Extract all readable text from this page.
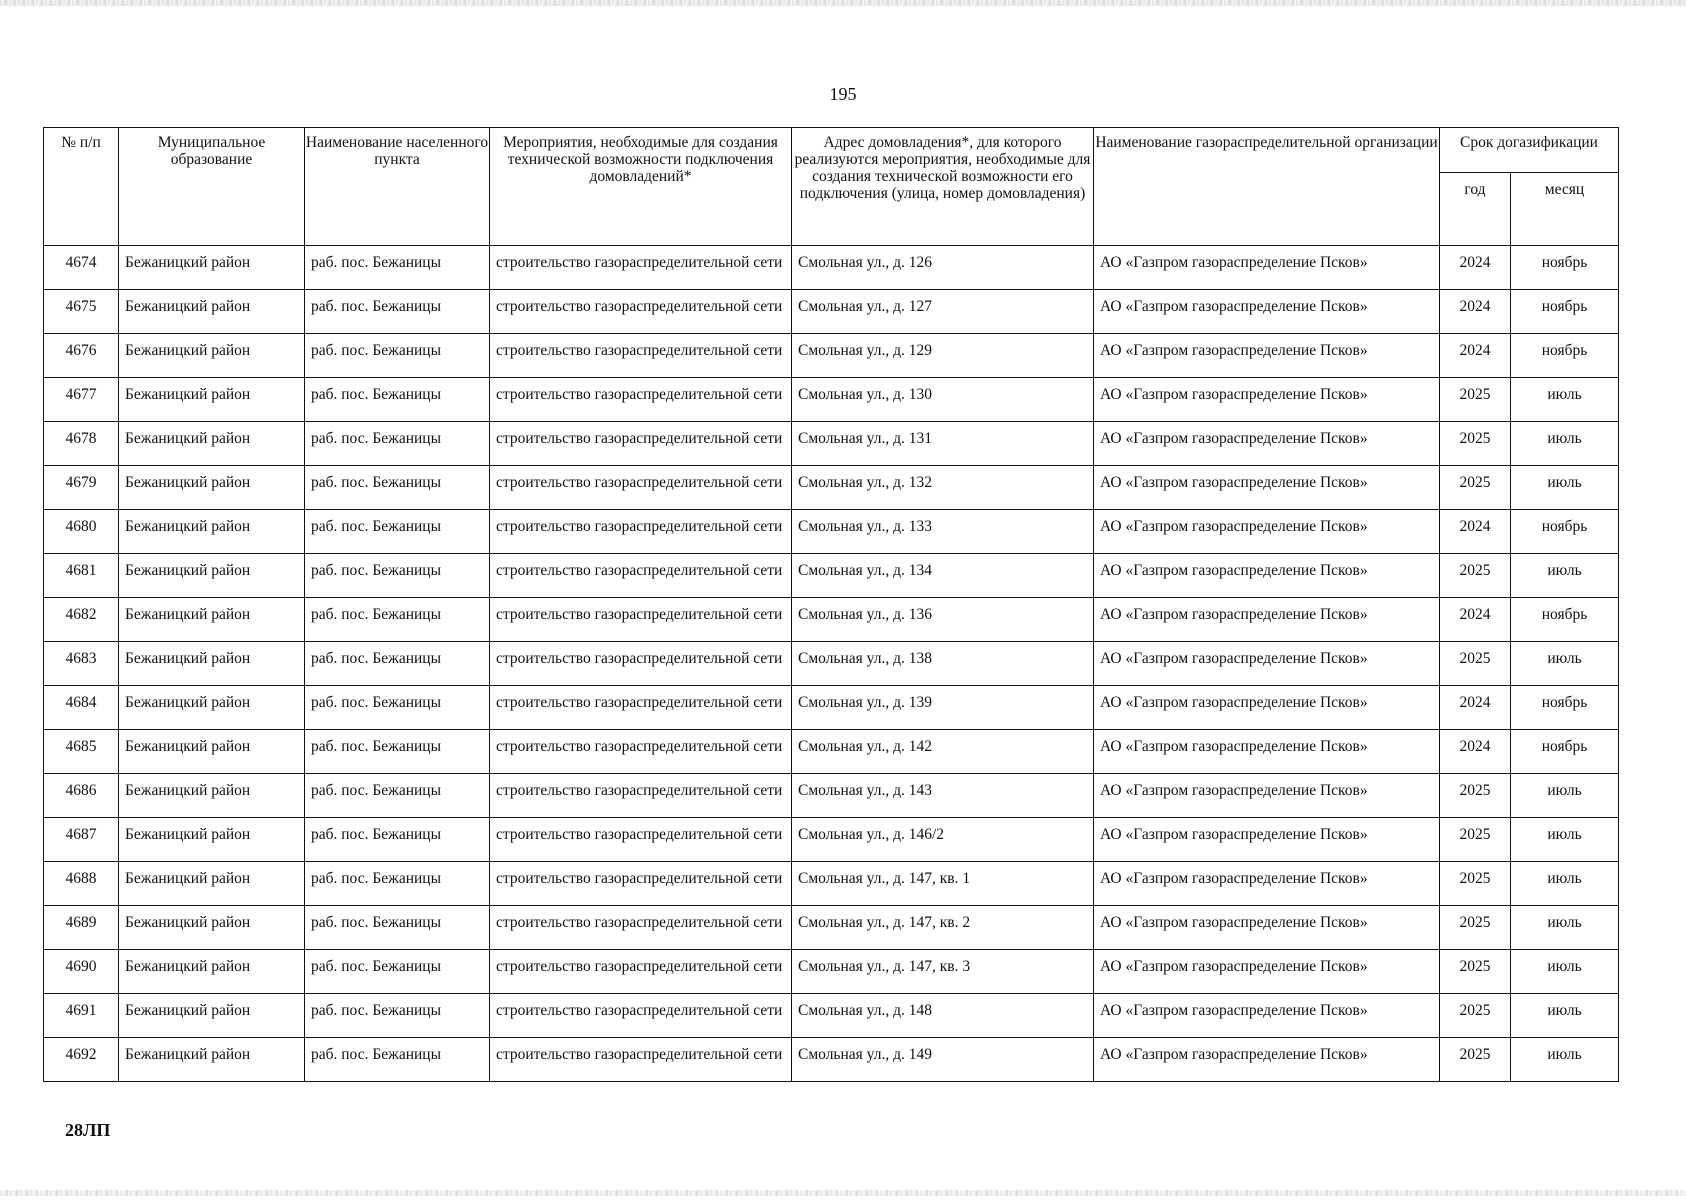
195
№ п/п	Муниципальное образование	Наименование населенного пункта	Мероприятия, необходимые для создания технической возможности подключения домовладений*	Адрес домовладения*, для которого реализуются мероприятия, необходимые для создания технической возможности его подключения (улица, номер домовладения)	Наименование газораспределительной организации	Срок догазификации	
						год	месяц
4674	Бежаницкий район	раб. пос. Бежаницы	строительство газораспределительной сети	Смольная ул., д. 126	АО «Газпром газораспределение Псков»	2024	ноябрь
4675	Бежаницкий район	раб. пос. Бежаницы	строительство газораспределительной сети	Смольная ул., д. 127	АО «Газпром газораспределение Псков»	2024	ноябрь
4676	Бежаницкий район	раб. пос. Бежаницы	строительство газораспределительной сети	Смольная ул., д. 129	АО «Газпром газораспределение Псков»	2024	ноябрь
4677	Бежаницкий район	раб. пос. Бежаницы	строительство газораспределительной сети	Смольная ул., д. 130	АО «Газпром газораспределение Псков»	2025	июль
4678	Бежаницкий район	раб. пос. Бежаницы	строительство газораспределительной сети	Смольная ул., д. 131	АО «Газпром газораспределение Псков»	2025	июль
4679	Бежаницкий район	раб. пос. Бежаницы	строительство газораспределительной сети	Смольная ул., д. 132	АО «Газпром газораспределение Псков»	2025	июль
4680	Бежаницкий район	раб. пос. Бежаницы	строительство газораспределительной сети	Смольная ул., д. 133	АО «Газпром газораспределение Псков»	2024	ноябрь
4681	Бежаницкий район	раб. пос. Бежаницы	строительство газораспределительной сети	Смольная ул., д. 134	АО «Газпром газораспределение Псков»	2025	июль
4682	Бежаницкий район	раб. пос. Бежаницы	строительство газораспределительной сети	Смольная ул., д. 136	АО «Газпром газораспределение Псков»	2024	ноябрь
4683	Бежаницкий район	раб. пос. Бежаницы	строительство газораспределительной сети	Смольная ул., д. 138	АО «Газпром газораспределение Псков»	2025	июль
4684	Бежаницкий район	раб. пос. Бежаницы	строительство газораспределительной сети	Смольная ул., д. 139	АО «Газпром газораспределение Псков»	2024	ноябрь
4685	Бежаницкий район	раб. пос. Бежаницы	строительство газораспределительной сети	Смольная ул., д. 142	АО «Газпром газораспределение Псков»	2024	ноябрь
4686	Бежаницкий район	раб. пос. Бежаницы	строительство газораспределительной сети	Смольная ул., д. 143	АО «Газпром газораспределение Псков»	2025	июль
4687	Бежаницкий район	раб. пос. Бежаницы	строительство газораспределительной сети	Смольная ул., д. 146/2	АО «Газпром газораспределение Псков»	2025	июль
4688	Бежаницкий район	раб. пос. Бежаницы	строительство газораспределительной сети	Смольная ул., д. 147, кв. 1	АО «Газпром газораспределение Псков»	2025	июль
4689	Бежаницкий район	раб. пос. Бежаницы	строительство газораспределительной сети	Смольная ул., д. 147, кв. 2	АО «Газпром газораспределение Псков»	2025	июль
4690	Бежаницкий район	раб. пос. Бежаницы	строительство газораспределительной сети	Смольная ул., д. 147, кв. 3	АО «Газпром газораспределение Псков»	2025	июль
4691	Бежаницкий район	раб. пос. Бежаницы	строительство газораспределительной сети	Смольная ул., д. 148	АО «Газпром газораспределение Псков»	2025	июль
4692	Бежаницкий район	раб. пос. Бежаницы	строительство газораспределительной сети	Смольная ул., д. 149	АО «Газпром газораспределение Псков»	2025	июль
28ЛП
